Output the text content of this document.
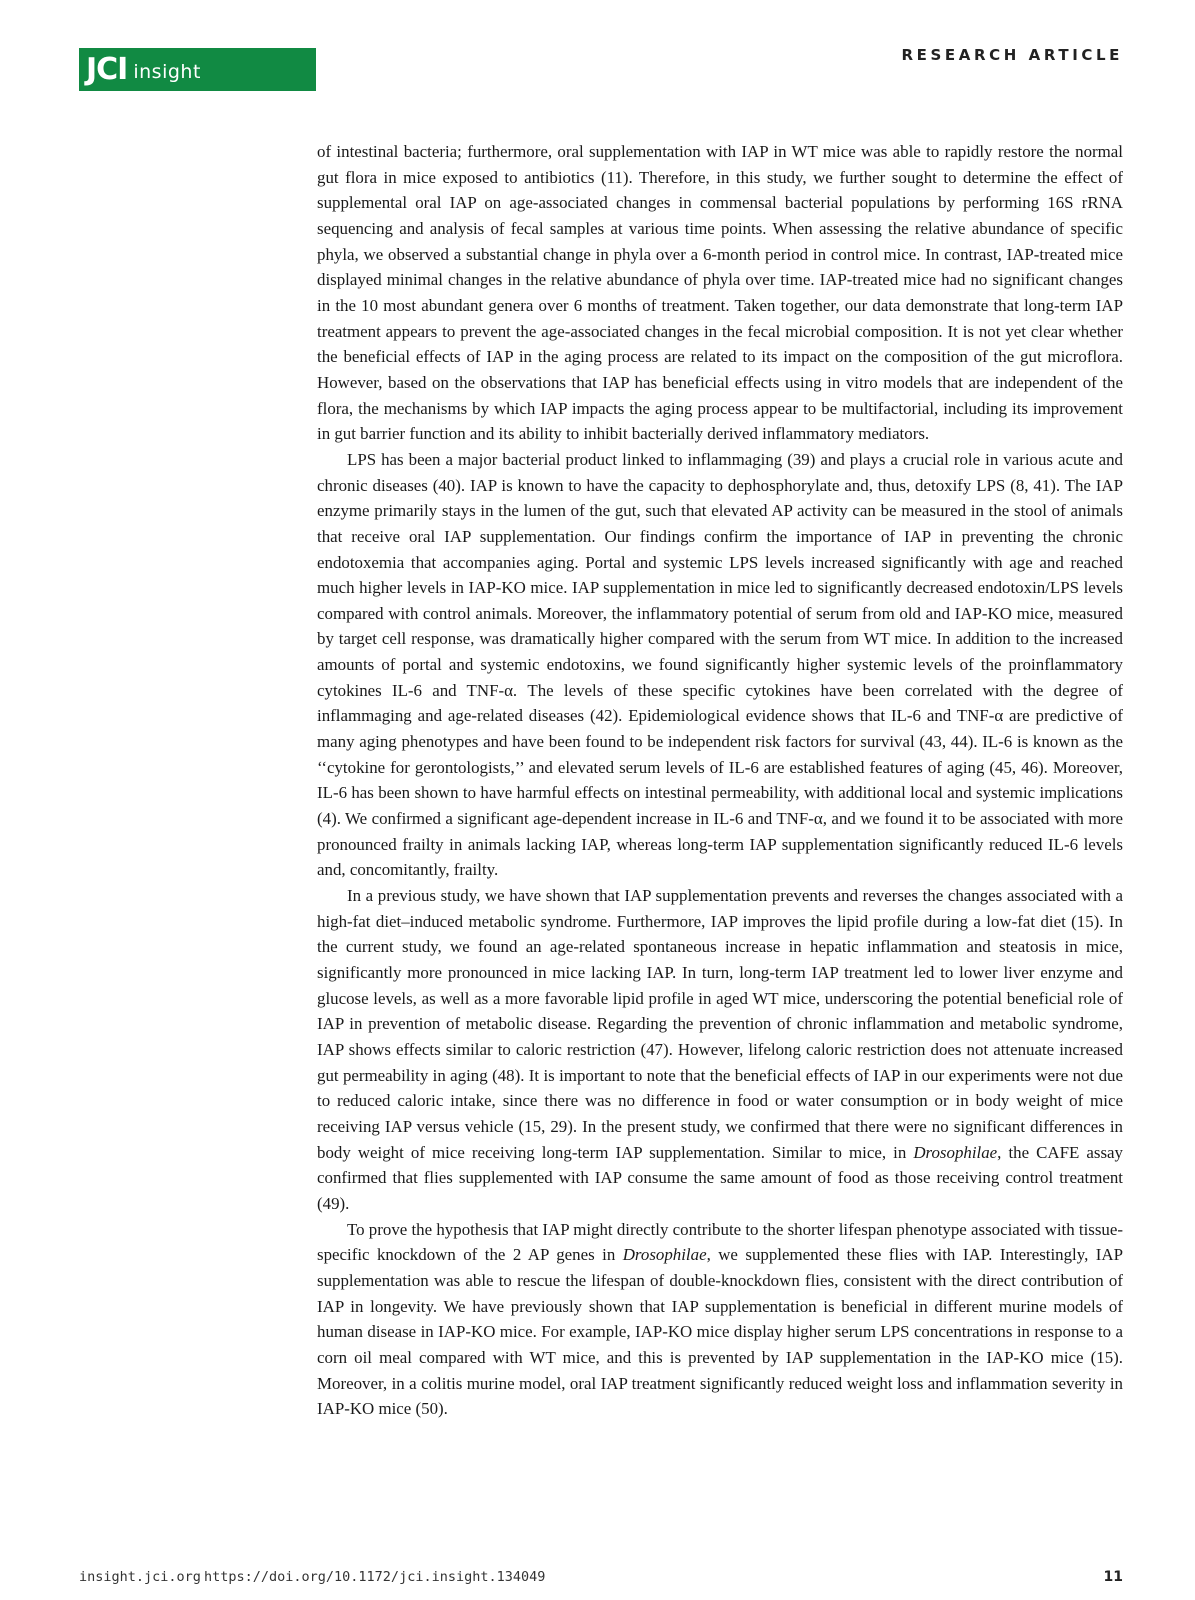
JCI insight
RESEARCH ARTICLE

of intestinal bacteria; furthermore, oral supplementation with IAP in WT mice was able to rapidly restore the normal gut flora in mice exposed to antibiotics (11). Therefore, in this study, we further sought to determine the effect of supplemental oral IAP on age-associated changes in commensal bacterial populations by performing 16S rRNA sequencing and analysis of fecal samples at various time points. When assessing the relative abundance of specific phyla, we observed a substantial change in phyla over a 6-month period in control mice. In contrast, IAP-treated mice displayed minimal changes in the relative abundance of phyla over time. IAP-treated mice had no significant changes in the 10 most abundant genera over 6 months of treatment. Taken together, our data demonstrate that long-term IAP treatment appears to prevent the age-associated changes in the fecal microbial composition. It is not yet clear whether the beneficial effects of IAP in the aging process are related to its impact on the composition of the gut microflora. However, based on the observations that IAP has beneficial effects using in vitro models that are independent of the flora, the mechanisms by which IAP impacts the aging process appear to be multifactorial, including its improvement in gut barrier function and its ability to inhibit bacterially derived inflammatory mediators.

LPS has been a major bacterial product linked to inflammaging (39) and plays a crucial role in various acute and chronic diseases (40). IAP is known to have the capacity to dephosphorylate and, thus, detoxify LPS (8, 41). The IAP enzyme primarily stays in the lumen of the gut, such that elevated AP activity can be measured in the stool of animals that receive oral IAP supplementation. Our findings confirm the importance of IAP in preventing the chronic endotoxemia that accompanies aging. Portal and systemic LPS levels increased significantly with age and reached much higher levels in IAP-KO mice. IAP supplementation in mice led to significantly decreased endotoxin/LPS levels compared with control animals. Moreover, the inflammatory potential of serum from old and IAP-KO mice, measured by target cell response, was dramatically higher compared with the serum from WT mice. In addition to the increased amounts of portal and systemic endotoxins, we found significantly higher systemic levels of the proinflammatory cytokines IL-6 and TNF-α. The levels of these specific cytokines have been correlated with the degree of inflammaging and age-related diseases (42). Epidemiological evidence shows that IL-6 and TNF-α are predictive of many aging phenotypes and have been found to be independent risk factors for survival (43, 44). IL-6 is known as the ‘‘cytokine for gerontologists,’’ and elevated serum levels of IL-6 are established features of aging (45, 46). Moreover, IL-6 has been shown to have harmful effects on intestinal permeability, with additional local and systemic implications (4). We confirmed a significant age-dependent increase in IL-6 and TNF-α, and we found it to be associated with more pronounced frailty in animals lacking IAP, whereas long-term IAP supplementation significantly reduced IL-6 levels and, concomitantly, frailty.

In a previous study, we have shown that IAP supplementation prevents and reverses the changes associated with a high-fat diet–induced metabolic syndrome. Furthermore, IAP improves the lipid profile during a low-fat diet (15). In the current study, we found an age-related spontaneous increase in hepatic inflammation and steatosis in mice, significantly more pronounced in mice lacking IAP. In turn, long-term IAP treatment led to lower liver enzyme and glucose levels, as well as a more favorable lipid profile in aged WT mice, underscoring the potential beneficial role of IAP in prevention of metabolic disease. Regarding the prevention of chronic inflammation and metabolic syndrome, IAP shows effects similar to caloric restriction (47). However, lifelong caloric restriction does not attenuate increased gut permeability in aging (48). It is important to note that the beneficial effects of IAP in our experiments were not due to reduced caloric intake, since there was no difference in food or water consumption or in body weight of mice receiving IAP versus vehicle (15, 29). In the present study, we confirmed that there were no significant differences in body weight of mice receiving long-term IAP supplementation. Similar to mice, in Drosophilae, the CAFE assay confirmed that flies supplemented with IAP consume the same amount of food as those receiving control treatment (49).

To prove the hypothesis that IAP might directly contribute to the shorter lifespan phenotype associated with tissue-specific knockdown of the 2 AP genes in Drosophilae, we supplemented these flies with IAP. Interestingly, IAP supplementation was able to rescue the lifespan of double-knockdown flies, consistent with the direct contribution of IAP in longevity. We have previously shown that IAP supplementation is beneficial in different murine models of human disease in IAP-KO mice. For example, IAP-KO mice display higher serum LPS concentrations in response to a corn oil meal compared with WT mice, and this is prevented by IAP supplementation in the IAP-KO mice (15). Moreover, in a colitis murine model, oral IAP treatment significantly reduced weight loss and inflammation severity in IAP-KO mice (50).

insight.jci.org https://doi.org/10.1172/jci.insight.134049	11
